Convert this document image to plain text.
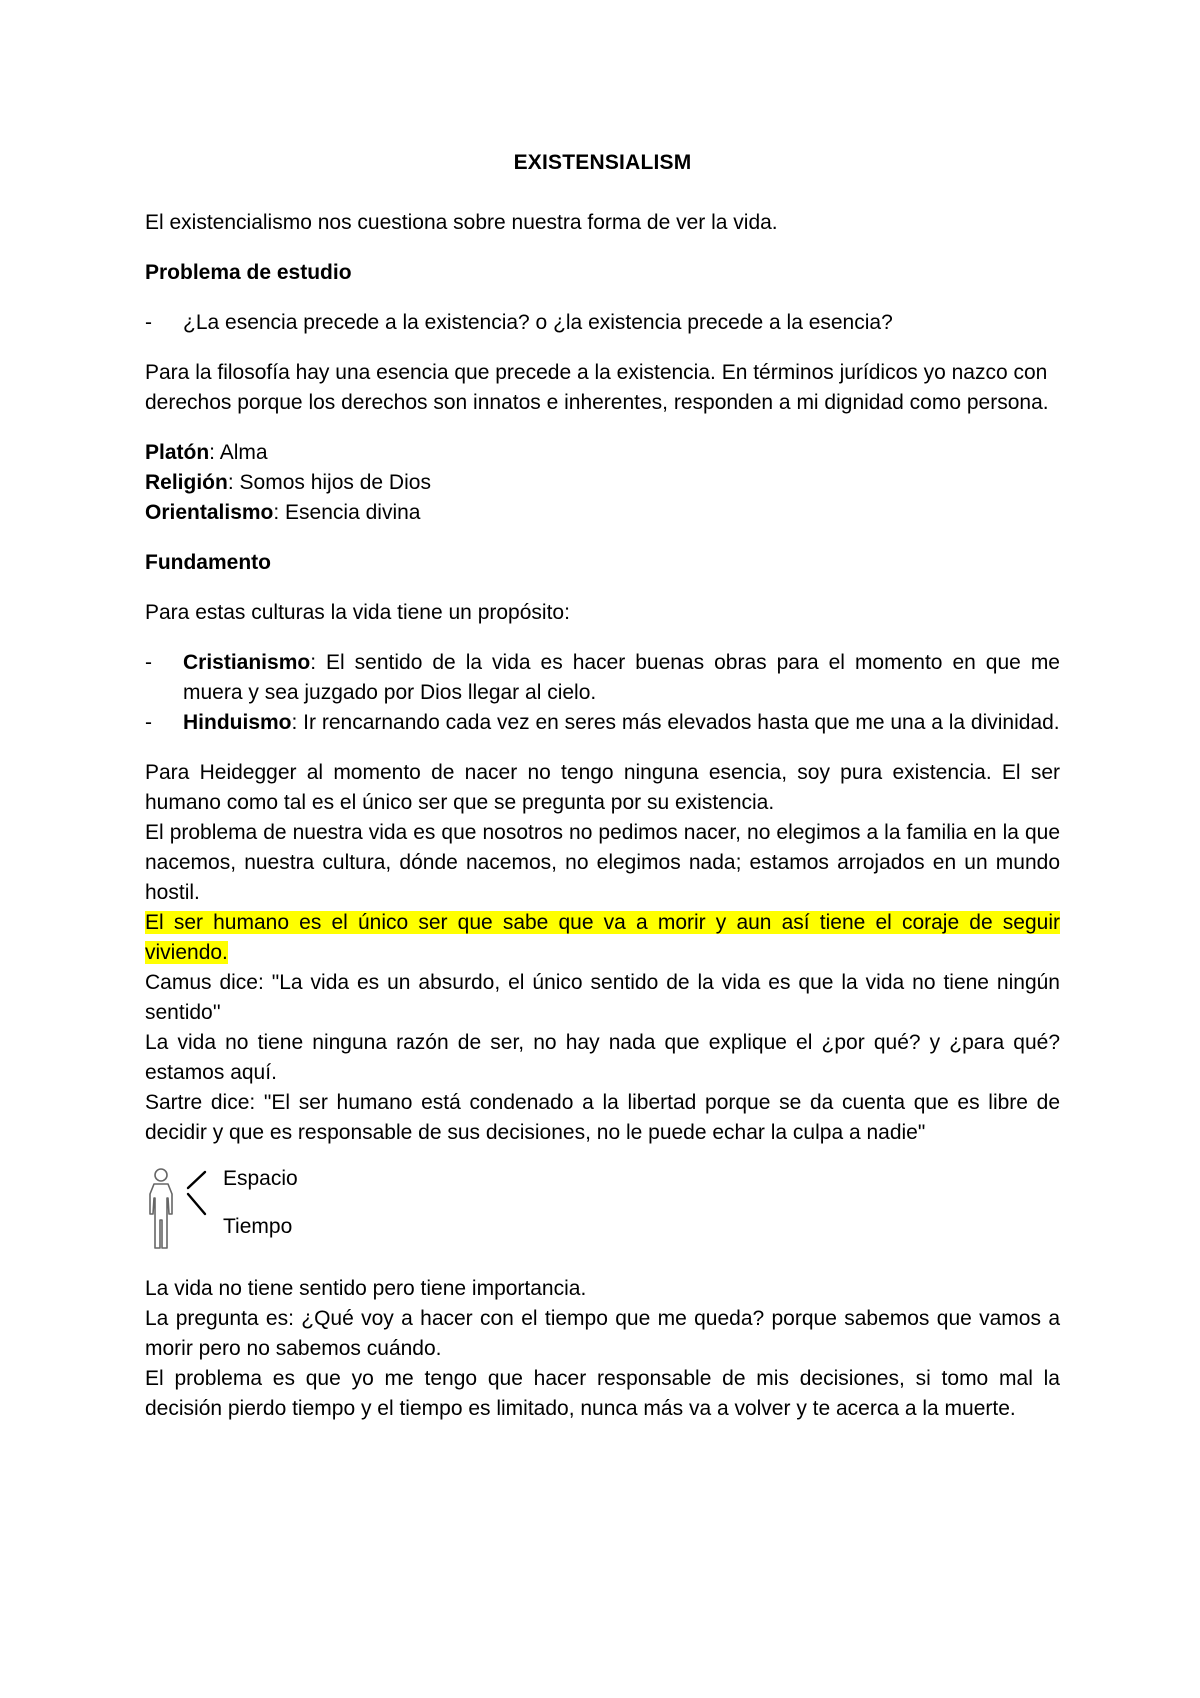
EXISTENSIALISM

El existencialismo nos cuestiona sobre nuestra forma de ver la vida.

Problema de estudio

- ¿La esencia precede a la existencia? o ¿la existencia precede a la esencia?

Para la filosofía hay una esencia que precede a la existencia. En términos jurídicos yo nazco con derechos porque los derechos son innatos e inherentes, responden a mi dignidad como persona.

Platón: Alma

Religión: Somos hijos de Dios

Orientalismo: Esencia divina

Fundamento

Para estas culturas la vida tiene un propósito:

- Cristianismo: El sentido de la vida es hacer buenas obras para el momento en que me muera y sea juzgado por Dios llegar al cielo.
- Hinduismo: Ir rencarnando cada vez en seres más elevados hasta que me una a la divinidad.

Para Heidegger al momento de nacer no tengo ninguna esencia, soy pura existencia. El ser humano como tal es el único ser que se pregunta por su existencia.

El problema de nuestra vida es que nosotros no pedimos nacer, no elegimos a la familia en la que nacemos, nuestra cultura, dónde nacemos, no elegimos nada; estamos arrojados en un mundo hostil.

El ser humano es el único ser que sabe que va a morir y aun así tiene el coraje de seguir viviendo.

Camus dice: "La vida es un absurdo, el único sentido de la vida es que la vida no tiene ningún sentido''

La vida no tiene ninguna razón de ser, no hay nada que explique el ¿por qué? y ¿para qué? estamos aquí.

Sartre dice: "El ser humano está condenado a la libertad porque se da cuenta que es libre de decidir y que es responsable de sus decisiones, no le puede echar la culpa a nadie"

Espacio
Tiempo

La vida no tiene sentido pero tiene importancia.

La pregunta es: ¿Qué voy a hacer con el tiempo que me queda? porque sabemos que vamos a morir pero no sabemos cuándo.

El problema es que yo me tengo que hacer responsable de mis decisiones, si tomo mal la decisión pierdo tiempo y el tiempo es limitado, nunca más va a volver y te acerca a la muerte.
